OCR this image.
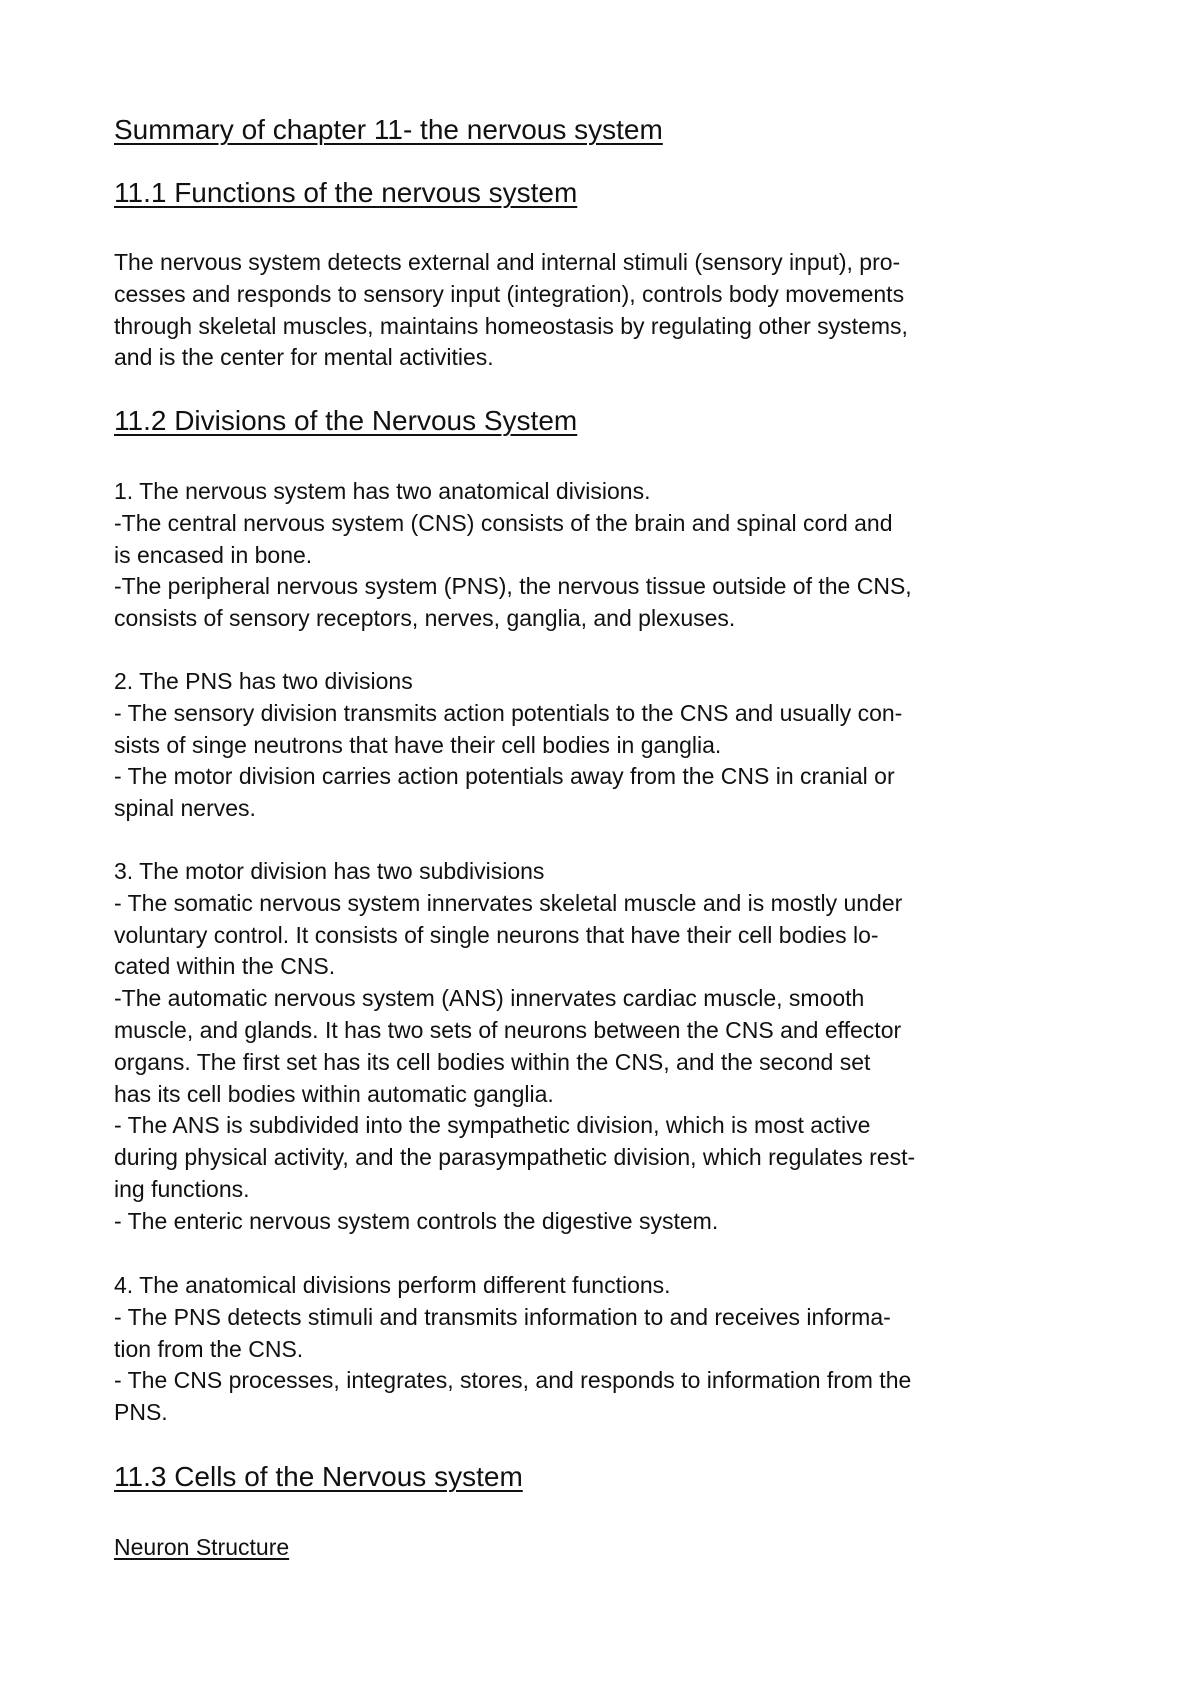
Summary of chapter 11- the nervous system
11.1 Functions of the nervous system
The nervous system detects external and internal stimuli (sensory input), pro-
cesses and responds to sensory input (integration), controls body movements
through skeletal muscles, maintains homeostasis by regulating other systems,
and is the center for mental activities.
11.2 Divisions of the Nervous System
1. The nervous system has two anatomical divisions.
-The central nervous system (CNS) consists of the brain and spinal cord and
is encased in bone.
-The peripheral nervous system (PNS), the nervous tissue outside of the CNS,
consists of sensory receptors, nerves, ganglia, and plexuses.
2. The PNS has two divisions
- The sensory division transmits action potentials to the CNS and usually con-
sists of singe neutrons that have their cell bodies in ganglia.
- The motor division carries action potentials away from the CNS in cranial or
spinal nerves.
3. The motor division has two subdivisions
- The somatic nervous system innervates skeletal muscle and is mostly under
voluntary control. It consists of single neurons that have their cell bodies lo-
cated within the CNS.
-The automatic nervous system (ANS) innervates cardiac muscle, smooth
muscle, and glands. It has two sets of neurons between the CNS and effector
organs. The first set has its cell bodies within the CNS, and the second set
has its cell bodies within automatic ganglia.
- The ANS is subdivided into the sympathetic division, which is most active
during physical activity, and the parasympathetic division, which regulates rest-
ing functions.
- The enteric nervous system controls the digestive system.
4. The anatomical divisions perform different functions.
- The PNS detects stimuli and transmits information to and receives informa-
tion from the CNS.
- The CNS processes, integrates, stores, and responds to information from the
PNS.
11.3 Cells of the Nervous system
Neuron Structure
